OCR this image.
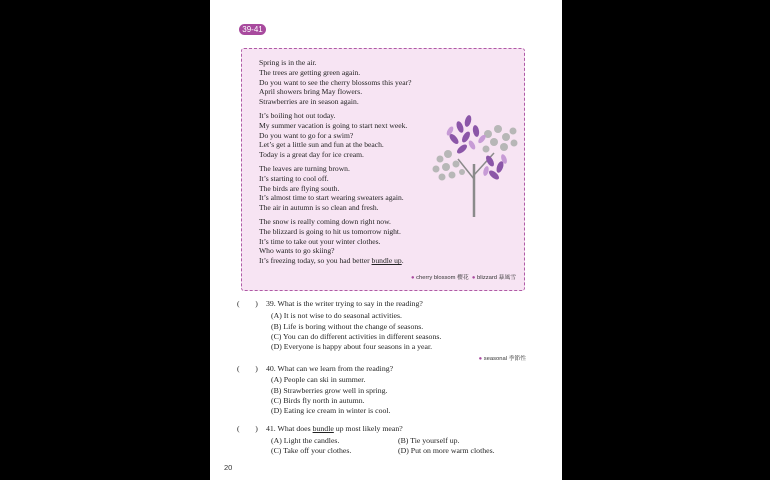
39-41
Spring is in the air.
The trees are getting green again.
Do you want to see the cherry blossoms this year?
April showers bring May flowers.
Strawberries are in season again.
It’s boiling hot out today.
My summer vacation is going to start next week.
Do you want to go for a swim?
Let’s get a little sun and fun at the beach.
Today is a great day for ice cream.
The leaves are turning brown.
It’s starting to cool off.
The birds are flying south.
It’s almost time to start wearing sweaters again.
The air in autumn is so clean and fresh.
The snow is really coming down right now.
The blizzard is going to hit us tomorrow night.
It’s time to take out your winter clothes.
Who wants to go skiing?
It’s freezing today, so you had better bundle up.
● cherry blossom 櫻花 ● blizzard 暴風雪
(　　) 39. What is the writer trying to say in the reading?
(A) It is not wise to do seasonal activities.
(B) Life is boring without the change of seasons.
(C) You can do different activities in different seasons.
(D) Everyone is happy about four seasons in a year.
● seasonal 季節性
(　　) 40. What can we learn from the reading?
(A) People can ski in summer.
(B) Strawberries grow well in spring.
(C) Birds fly north in autumn.
(D) Eating ice cream in winter is cool.
(　　) 41. What does bundle up most likely mean?
(A) Light the candles.	(B) Tie yourself up.
(C) Take off your clothes.	(D) Put on more warm clothes.
20
